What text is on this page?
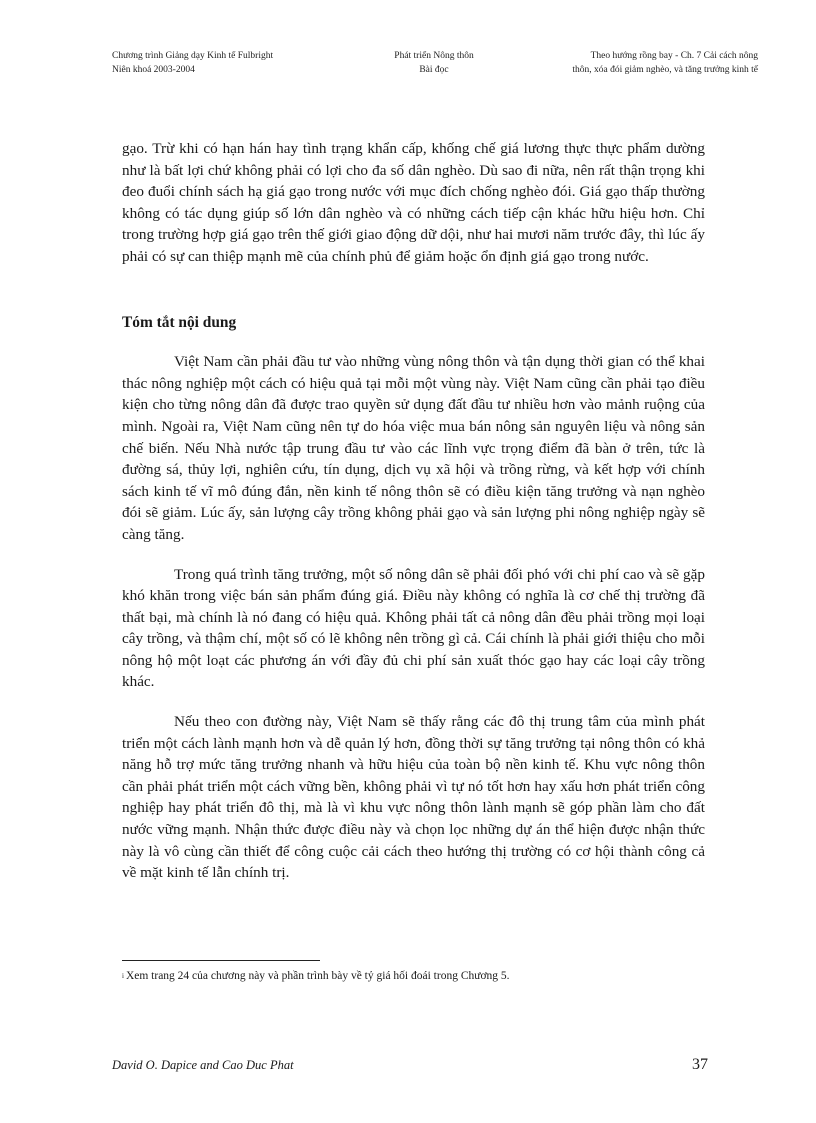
Chương trình Giảng dạy Kinh tế Fulbright
Niên khoá 2003-2004
Phát triển Nông thôn
Bài đọc
Theo hướng rồng bay - Ch. 7 Cải cách nông
thôn, xóa đói giảm nghèo, và tăng trưởng kinh tế

gạo. Trừ khi có hạn hán hay tình trạng khẩn cấp, khống chế giá lương thực thực phẩm dường như là bất lợi chứ không phải có lợi cho đa số dân nghèo. Dù sao đi nữa, nên rất thận trọng khi đeo đuổi chính sách hạ giá gạo trong nước với mục đích chống nghèo đói. Giá gạo thấp thường không có tác dụng giúp số lớn dân nghèo và có những cách tiếp cận khác hữu hiệu hơn. Chỉ trong trường hợp giá gạo trên thế giới giao động dữ dội, như hai mươi năm trước đây, thì lúc ấy phải có sự can thiệp mạnh mẽ của chính phủ để giảm hoặc ổn định giá gạo trong nước.

Tóm tắt nội dung

Việt Nam cần phải đầu tư vào những vùng nông thôn và tận dụng thời gian có thể khai thác nông nghiệp một cách có hiệu quả tại mỗi một vùng này. Việt Nam cũng cần phải tạo điều kiện cho từng nông dân đã được trao quyền sử dụng đất đầu tư nhiều hơn vào mảnh ruộng của mình. Ngoài ra, Việt Nam cũng nên tự do hóa việc mua bán nông sản nguyên liệu và nông sản chế biến. Nếu Nhà nước tập trung đầu tư vào các lĩnh vực trọng điểm đã bàn ở trên, tức là đường sá, thủy lợi, nghiên cứu, tín dụng, dịch vụ xã hội và trồng rừng, và kết hợp với chính sách kinh tế vĩ mô đúng đắn, nền kinh tế nông thôn sẽ có điều kiện tăng trưởng và nạn nghèo đói sẽ giảm. Lúc ấy, sản lượng cây trồng không phải gạo và sản lượng phi nông nghiệp ngày sẽ càng tăng.

Trong quá trình tăng trưởng, một số nông dân sẽ phải đối phó với chi phí cao và sẽ gặp khó khăn trong việc bán sản phẩm đúng giá. Điều này không có nghĩa là cơ chế thị trường đã thất bại, mà chính là nó đang có hiệu quả. Không phải tất cả nông dân đều phải trồng mọi loại cây trồng, và thậm chí, một số có lẽ không nên trồng gì cả. Cái chính là phải giới thiệu cho mỗi nông hộ một loạt các phương án với đầy đủ chi phí sản xuất thóc gạo hay các loại cây trồng khác.

Nếu theo con đường này, Việt Nam sẽ thấy rằng các đô thị trung tâm của mình phát triển một cách lành mạnh hơn và dễ quản lý hơn, đồng thời sự tăng trưởng tại nông thôn có khả năng hỗ trợ mức tăng trưởng nhanh và hữu hiệu của toàn bộ nền kinh tế. Khu vực nông thôn cần phải phát triển một cách vững bền, không phải vì tự nó tốt hơn hay xấu hơn phát triển công nghiệp hay phát triển đô thị, mà là vì khu vực nông thôn lành mạnh sẽ góp phần làm cho đất nước vững mạnh. Nhận thức được điều này và chọn lọc những dự án thể hiện được nhận thức này là vô cùng cần thiết để công cuộc cải cách theo hướng thị trường có cơ hội thành công cả về mặt kinh tế lẫn chính trị.

$^i$ Xem trang 24 của chương này và phần trình bày về tỷ giá hối đoái trong Chương 5.
David O. Dapice and Cao Duc Phat	37
